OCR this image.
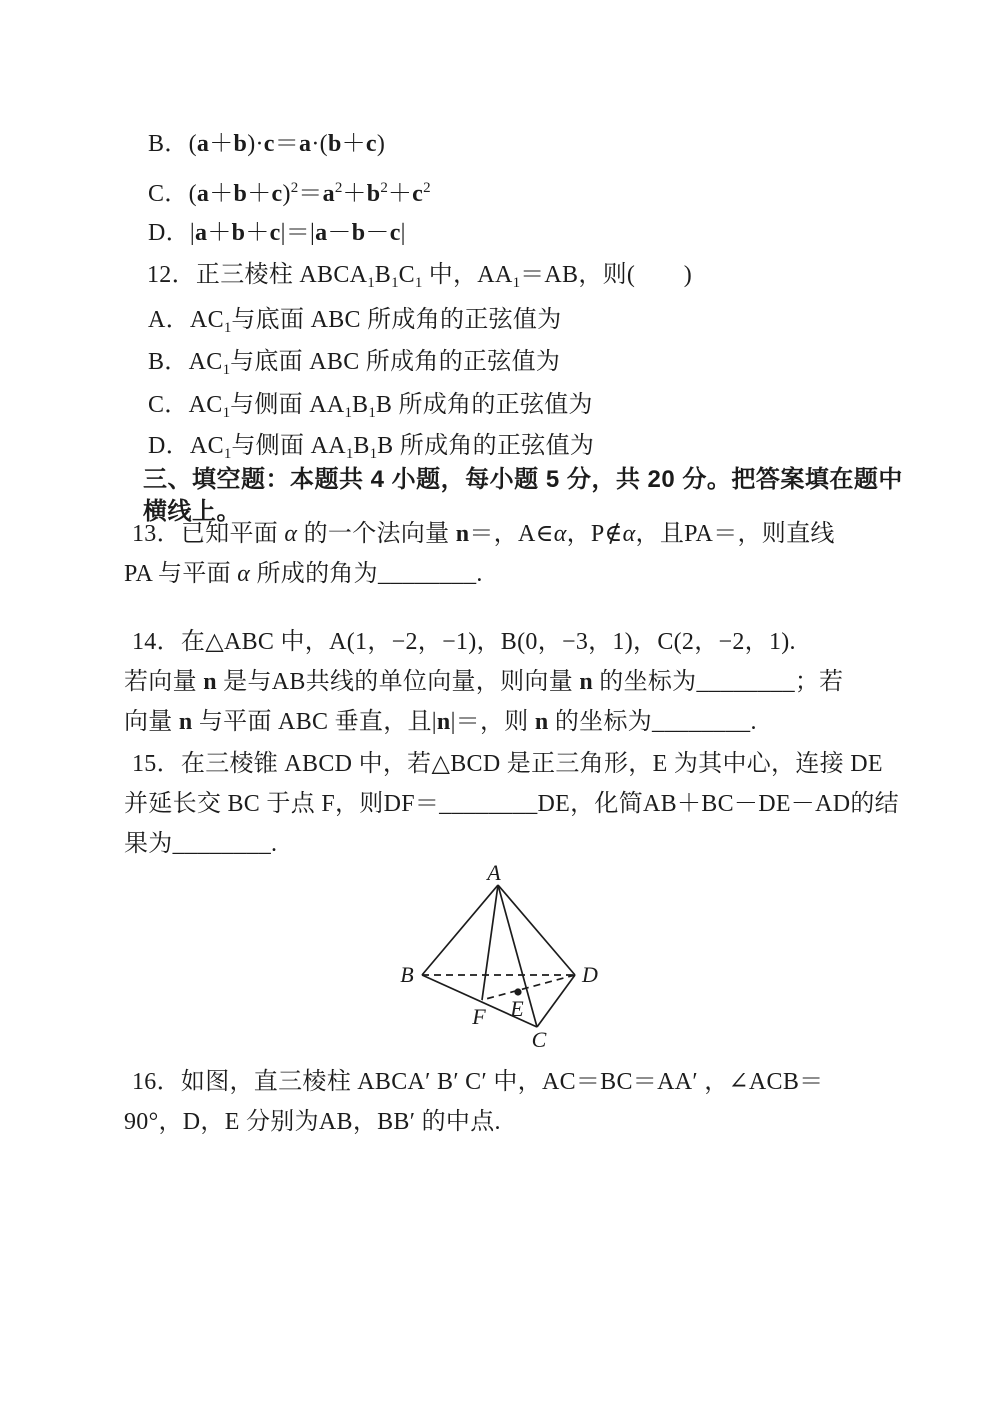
B．(a＋b)·c＝a·(b＋c)
C．$(a+b+c)^2=a^2+b^2+c^2$
D．|a＋b＋c|＝|a－b－c|
12．正三棱柱 $ABCA_1B_1C_1$ 中，$AA_1=AB$，则(　　)
A．$AC_1$与底面 ABC 所成角的正弦值为
B．$AC_1$与底面 ABC 所成角的正弦值为
C．$AC_1$与侧面 $AA_1B_1B$ 所成角的正弦值为
D．$AC_1$与侧面 $AA_1B_1B$ 所成角的正弦值为
三、填空题：本题共 4 小题，每小题 5 分，共 20 分。把答案填在题中
横线上。
13．已知平面 α 的一个法向量 n＝，A∈α，P∉α，且PA＝，则直线
PA 与平面 α 所成的角为________.
14．在△ABC 中，A(1，−2，−1)，B(0，−3，1)，C(2，−2，1).
若向量 n 是与AB共线的单位向量，则向量 n 的坐标为________；若
向量 n 与平面 ABC 垂直，且|n|＝，则 n 的坐标为________.
15．在三棱锥 ABCD 中，若△BCD 是正三角形，E 为其中心，连接 DE
并延长交 BC 于点 F，则DF＝________DE，化简AB＋BC－DE－AD的结
果为________.
A
B	D
C
F E
16．如图，直三棱柱 ABCA′ B′ C′ 中，AC＝BC＝AA′ ，∠ACB＝
90°，D，E 分别为AB，BB′ 的中点.
